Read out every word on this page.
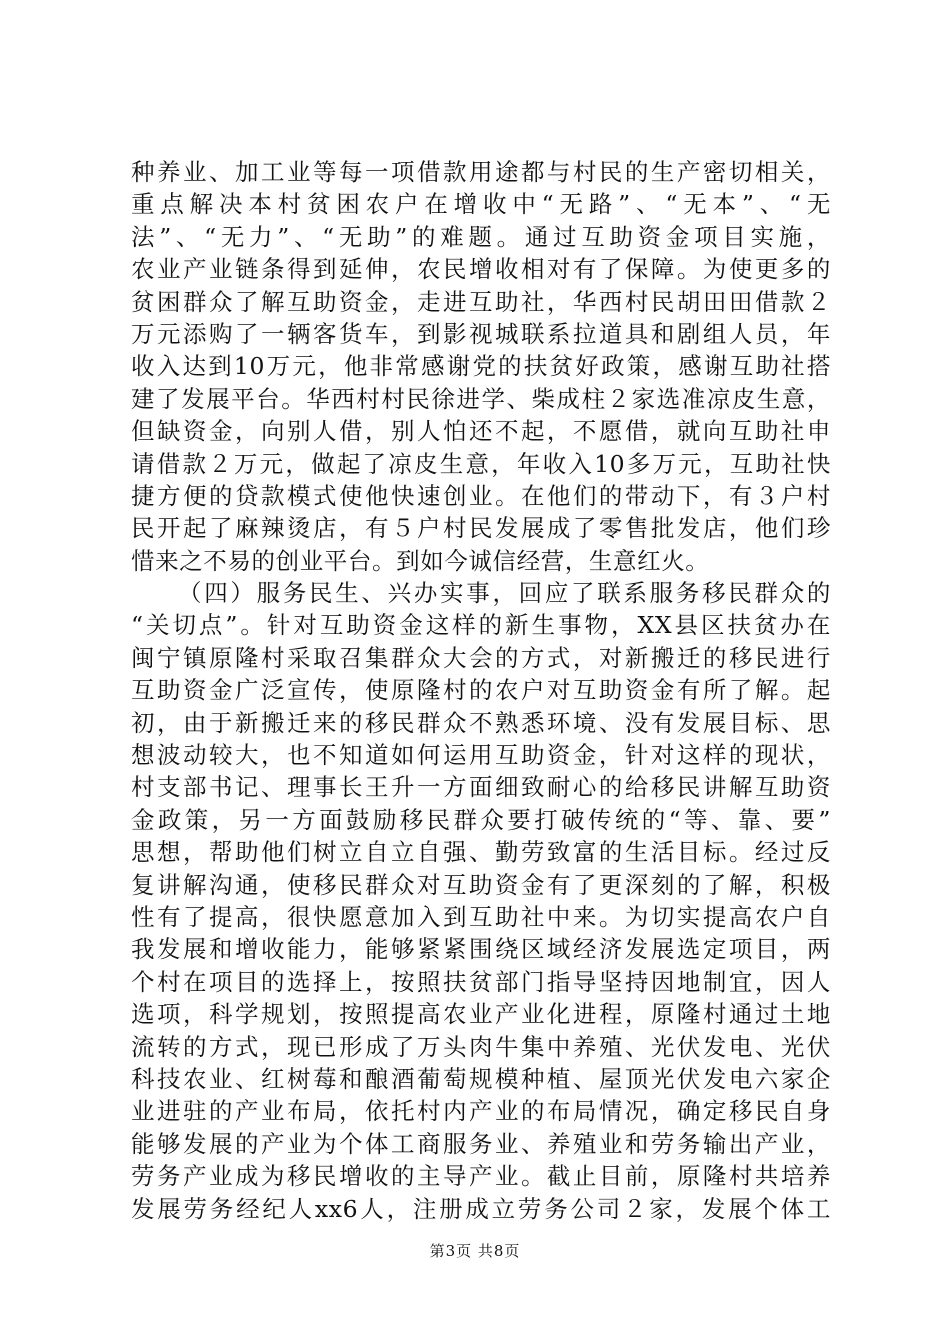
种养业、加工业等每一项借款用途都与村民的生产密切相关，
重点解决本村贫困农户在增收中“无路”、“无本”、“无
法”、“无力”、“无助”的难题。通过互助资金项目实施，
农业产业链条得到延伸，农民增收相对有了保障。为使更多的
贫困群众了解互助资金，走进互助社，华西村民胡田田借款２
万元添购了一辆客货车，到影视城联系拉道具和剧组人员，年
收入达到10万元，他非常感谢党的扶贫好政策，感谢互助社搭
建了发展平台。华西村村民徐进学、柴成柱２家选准凉皮生意，
但缺资金，向别人借，别人怕还不起，不愿借，就向互助社申
请借款２万元，做起了凉皮生意，年收入10多万元，互助社快
捷方便的贷款模式使他快速创业。在他们的带动下，有３户村
民开起了麻辣烫店，有５户村民发展成了零售批发店，他们珍
惜来之不易的创业平台。到如今诚信经营，生意红火。
（四）服务民生、兴办实事，回应了联系服务移民群众的
“关切点”。针对互助资金这样的新生事物，XX县区扶贫办在
闽宁镇原隆村采取召集群众大会的方式，对新搬迁的移民进行
互助资金广泛宣传，使原隆村的农户对互助资金有所了解。起
初，由于新搬迁来的移民群众不熟悉环境、没有发展目标、思
想波动较大，也不知道如何运用互助资金，针对这样的现状，
村支部书记、理事长王升一方面细致耐心的给移民讲解互助资
金政策，另一方面鼓励移民群众要打破传统的“等、靠、要”
思想，帮助他们树立自立自强、勤劳致富的生活目标。经过反
复讲解沟通，使移民群众对互助资金有了更深刻的了解，积极
性有了提高，很快愿意加入到互助社中来。为切实提高农户自
我发展和增收能力，能够紧紧围绕区域经济发展选定项目，两
个村在项目的选择上，按照扶贫部门指导坚持因地制宜，因人
选项，科学规划，按照提高农业产业化进程，原隆村通过土地
流转的方式，现已形成了万头肉牛集中养殖、光伏发电、光伏
科技农业、红树莓和酿酒葡萄规模种植、屋顶光伏发电六家企
业进驻的产业布局，依托村内产业的布局情况，确定移民自身
能够发展的产业为个体工商服务业、养殖业和劳务输出产业，
劳务产业成为移民增收的主导产业。截止目前，原隆村共培养
发展劳务经纪人xx6人，注册成立劳务公司２家，发展个体工
第3页 共8页
